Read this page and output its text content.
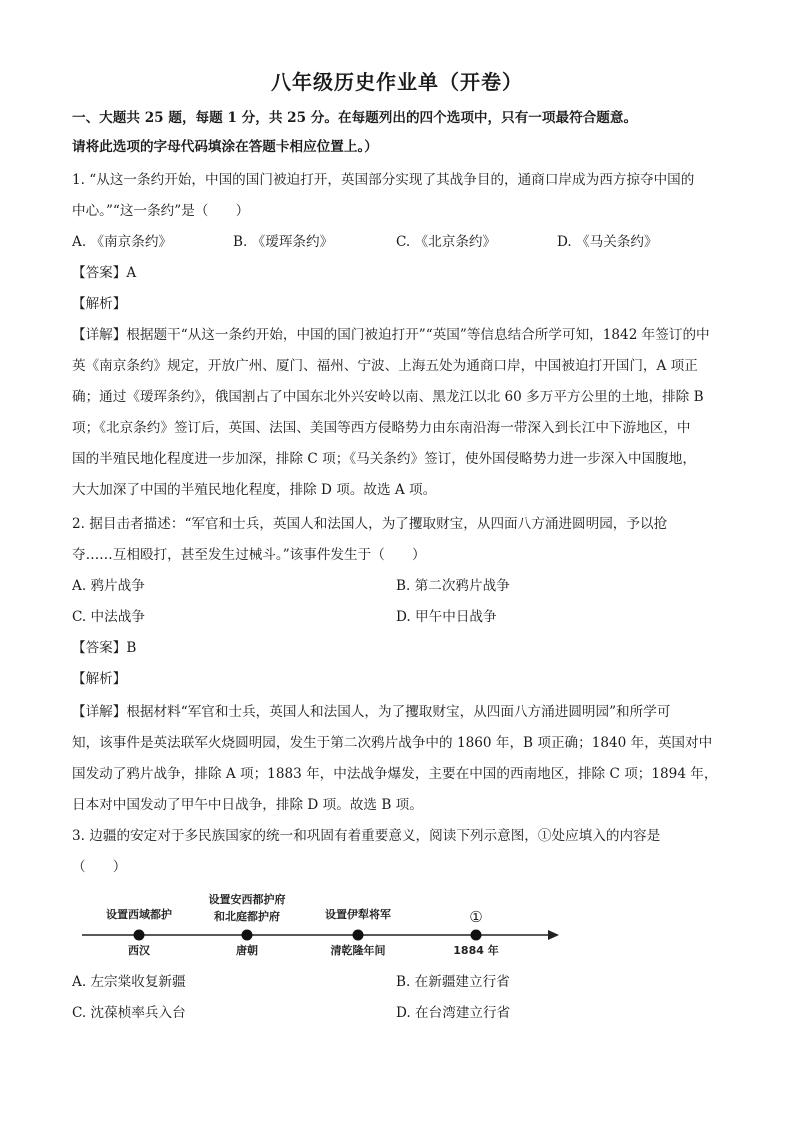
八年级历史作业单（开卷）
一、大题共 25 题，每题 1 分，共 25 分。在每题列出的四个选项中，只有一项最符合题意。
请将此选项的字母代码填涂在答题卡相应位置上。）
1. “从这一条约开始，中国的国门被迫打开，英国部分实现了其战争目的，通商口岸成为西方掠夺中国的
中心。”“这一条约”是（　　）
A. 《南京条约》	B. 《瑷珲条约》	C. 《北京条约》	D. 《马关条约》
【答案】A
【解析】
【详解】根据题干“从这一条约开始，中国的国门被迫打开”“英国”等信息结合所学可知，1842 年签订的中
英《南京条约》规定，开放广州、厦门、福州、宁波、上海五处为通商口岸，中国被迫打开国门，A 项正
确；通过《瑷珲条约》，俄国割占了中国东北外兴安岭以南、黑龙江以北 60 多万平方公里的土地，排除 B
项；《北京条约》签订后，英国、法国、美国等西方侵略势力由东南沿海一带深入到长江中下游地区，中
国的半殖民地化程度进一步加深，排除 C 项；《马关条约》签订，使外国侵略势力进一步深入中国腹地，
大大加深了中国的半殖民地化程度，排除 D 项。故选 A 项。
2. 据目击者描述：“军官和士兵，英国人和法国人，为了攫取财宝，从四面八方涌进圆明园，予以抢
夺……互相殴打，甚至发生过械斗。”该事件发生于（　　）
A. 鸦片战争	B. 第二次鸦片战争
C. 中法战争	D. 甲午中日战争
【答案】B
【解析】
【详解】根据材料“军官和士兵，英国人和法国人，为了攫取财宝，从四面八方涌进圆明园”和所学可
知，该事件是英法联军火烧圆明园，发生于第二次鸦片战争中的 1860 年，B 项正确；1840 年，英国对中
国发动了鸦片战争，排除 A 项；1883 年，中法战争爆发，主要在中国的西南地区，排除 C 项；1894 年，
日本对中国发动了甲午中日战争，排除 D 项。故选 B 项。
3. 边疆的安定对于多民族国家的统一和巩固有着重要意义，阅读下列示意图，①处应填入的内容是
（　　）
设置西域都护
西汉
设置安西都护府
和北庭都护府
唐朝
设置伊犁将军
清乾隆年间
①
1884 年
A. 左宗棠收复新疆	B. 在新疆建立行省
C. 沈葆桢率兵入台	D. 在台湾建立行省
